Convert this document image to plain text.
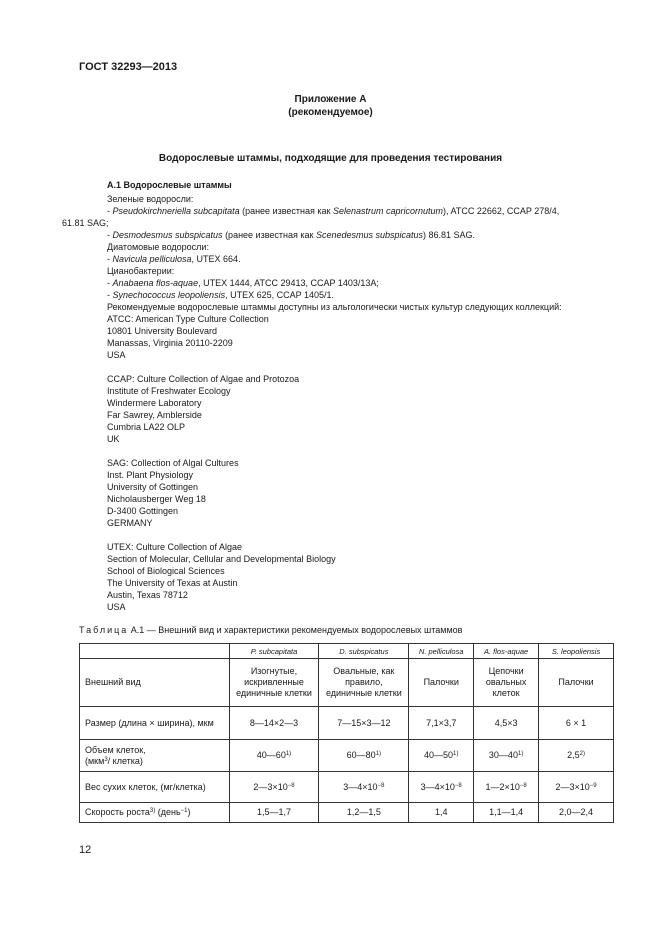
ГОСТ 32293—2013
Приложение А
(рекомендуемое)
Водорослевые штаммы, подходящие для проведения тестирования
А.1 Водорослевые штаммы
Зеленые водоросли:
- Pseudokirchneriella subcapitata (ранее известная как Selenastrum capricornutum), ATCC 22662, CCAP 278/4,
61.81 SAG;
- Desmodesmus subspicatus (ранее известная как Scenedesmus subspicatus) 86.81 SAG.
Диатомовые водоросли:
- Navicula pelliculosa, UTEX 664.
Цианобактерии:
- Anabaena flos-aquae, UTEX 1444, ATCC 29413, CCAP 1403/13A;
- Synechococcus leopoliensis, UTEX 625, CCAP 1405/1.
Рекомендуемые водорослевые штаммы доступны из альгологически чистых культур следующих коллекций:
ATCC: American Type Culture Collection
10801 University Boulevard
Manassas, Virginia 20110-2209
USA
CCAP: Culture Collection of Algae and Protozoa
Institute of Freshwater Ecology
Windermere Laboratory
Far Sawrey, Amblerside
Cumbria LA22 OLP
UK
SAG: Collection of Algal Cultures
Inst. Plant Physiology
University of Gottingen
Nicholausberger Weg 18
D-3400 Gottingen
GERMANY
UTEX: Culture Collection of Algae
Section of Molecular, Cellular and Developmental Biology
School of Biological Sciences
The University of Texas at Austin
Austin, Texas 78712
USA
Таблица А.1 — Внешний вид и характеристики рекомендуемых водорослевых штаммов
	P. subcapitata	D. subspicatus	N. pelliculosa	A. flos-aquae	S. leopoliensis
Внешний вид	Изогнутые, искривленные единичные клетки	Овальные, как правило, единичные клетки	Палочки	Цепочки овальных клеток	Палочки
Размер (длина × ширина), мкм	8—14×2—3	7—15×3—12	7,1×3,7	4,5×3	6 × 1
Объем клеток,
(мкм$^3$/ клетка)	40—60$^{1)}$	60—80$^{1)}$	40—50$^{1)}$	30—40$^{1)}$	2,5$^{2)}$
Вес сухих клеток, (мг/клетка)	$2—3\times 10^{-8}$	$3—4\times 10^{-8}$	$3—4\times 10^{-8}$	$1—2\times 10^{-8}$	$2—3\times 10^{-9}$
Скорость роста$^{3)}$ (день$^{-1}$)	1,5—1,7	1,2—1,5	1,4	1,1—1,4	2,0—2,4
12
